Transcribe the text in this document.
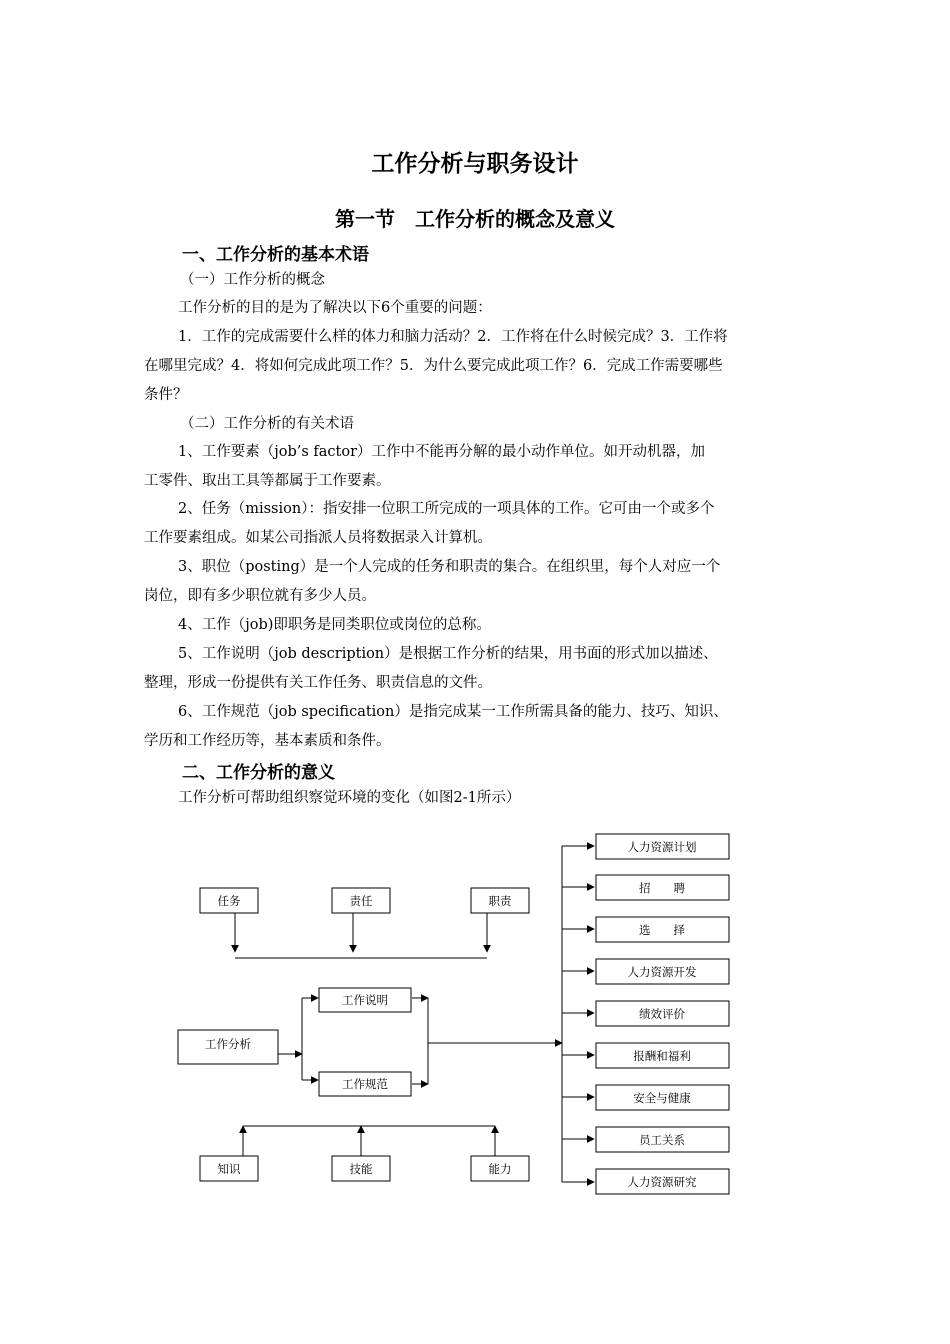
工作分析与职务设计
第一节　工作分析的概念及意义
一、工作分析的基本术语
（一）工作分析的概念
工作分析的目的是为了解决以下6个重要的问题：
1．工作的完成需要什么样的体力和脑力活动？2．工作将在什么时候完成？3．工作将
在哪里完成？4．将如何完成此项工作？5．为什么要完成此项工作？6．完成工作需要哪些
条件？
（二）工作分析的有关术语
1、工作要素（job’s factor）工作中不能再分解的最小动作单位。如开动机器，加
工零件、取出工具等都属于工作要素。
2、任务（mission）：指安排一位职工所完成的一项具体的工作。它可由一个或多个
工作要素组成。如某公司指派人员将数据录入计算机。
3、职位（posting）是一个人完成的任务和职责的集合。在组织里，每个人对应一个
岗位，即有多少职位就有多少人员。
4、工作（job)即职务是同类职位或岗位的总称。
5、工作说明（job description）是根据工作分析的结果，用书面的形式加以描述、
整理，形成一份提供有关工作任务、职责信息的文件。
6、工作规范（job specification）是指完成某一工作所需具备的能力、技巧、知识、
学历和工作经历等，基本素质和条件。
二、工作分析的意义
工作分析可帮助组织察觉环境的变化（如图2-1所示）
任务	责任	职责
工作分析
工作说明
工作规范
知识	技能	能力
人力资源计划
招　　聘
选　　择
人力资源开发
绩效评价
报酬和福利
安全与健康
员工关系
人力资源研究
